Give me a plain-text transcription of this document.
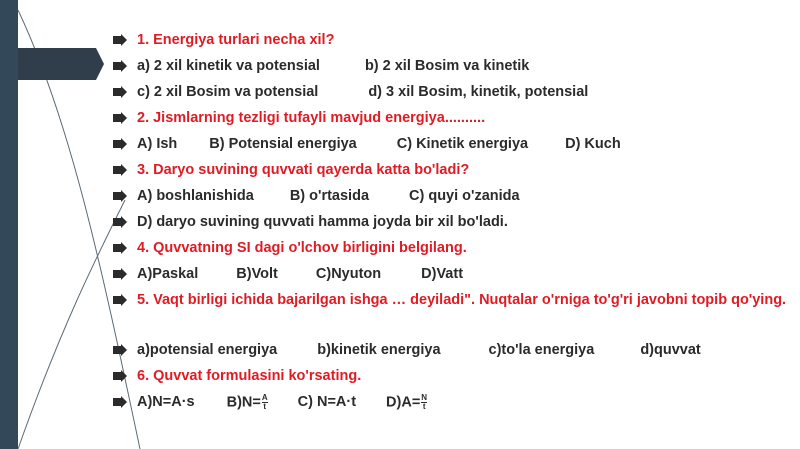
1. Energiya turlari necha xil?
a) 2 xil kinetik va potensial	b) 2 xil Bosim va kinetik
c) 2 xil Bosim va potensial	d) 3 xil Bosim, kinetik, potensial
2. Jismlarning tezligi tufayli mavjud energiya..........
A) Ish B) Potensial energiya	C) Kinetik energiya	D) Kuch
3. Daryo suvining quvvati qayerda katta bo'ladi?
A) boshlanishida B) o'rtasida	C) quyi o'zanida
D) daryo suvining quvvati hamma joyda bir xil bo'ladi.
4. Quvvatning SI dagi o'lchov birligini belgilang.
A)Paskal	B)Volt	C)Nyuton	D)Vatt
5. Vaqt birligi ichida bajarilgan ishga … deyiladi". Nuqtalar o'rniga to'g'ri javobni topib qo'ying.
a)potensial energiya	b)kinetik energiya	c)to'la energiya	d)quvvat
6. Quvvat formulasini ko'rsating.
A)N=A·s $B)N= \frac{A}{t} C$) N=A·t $D)A= \frac{N}{t}$
